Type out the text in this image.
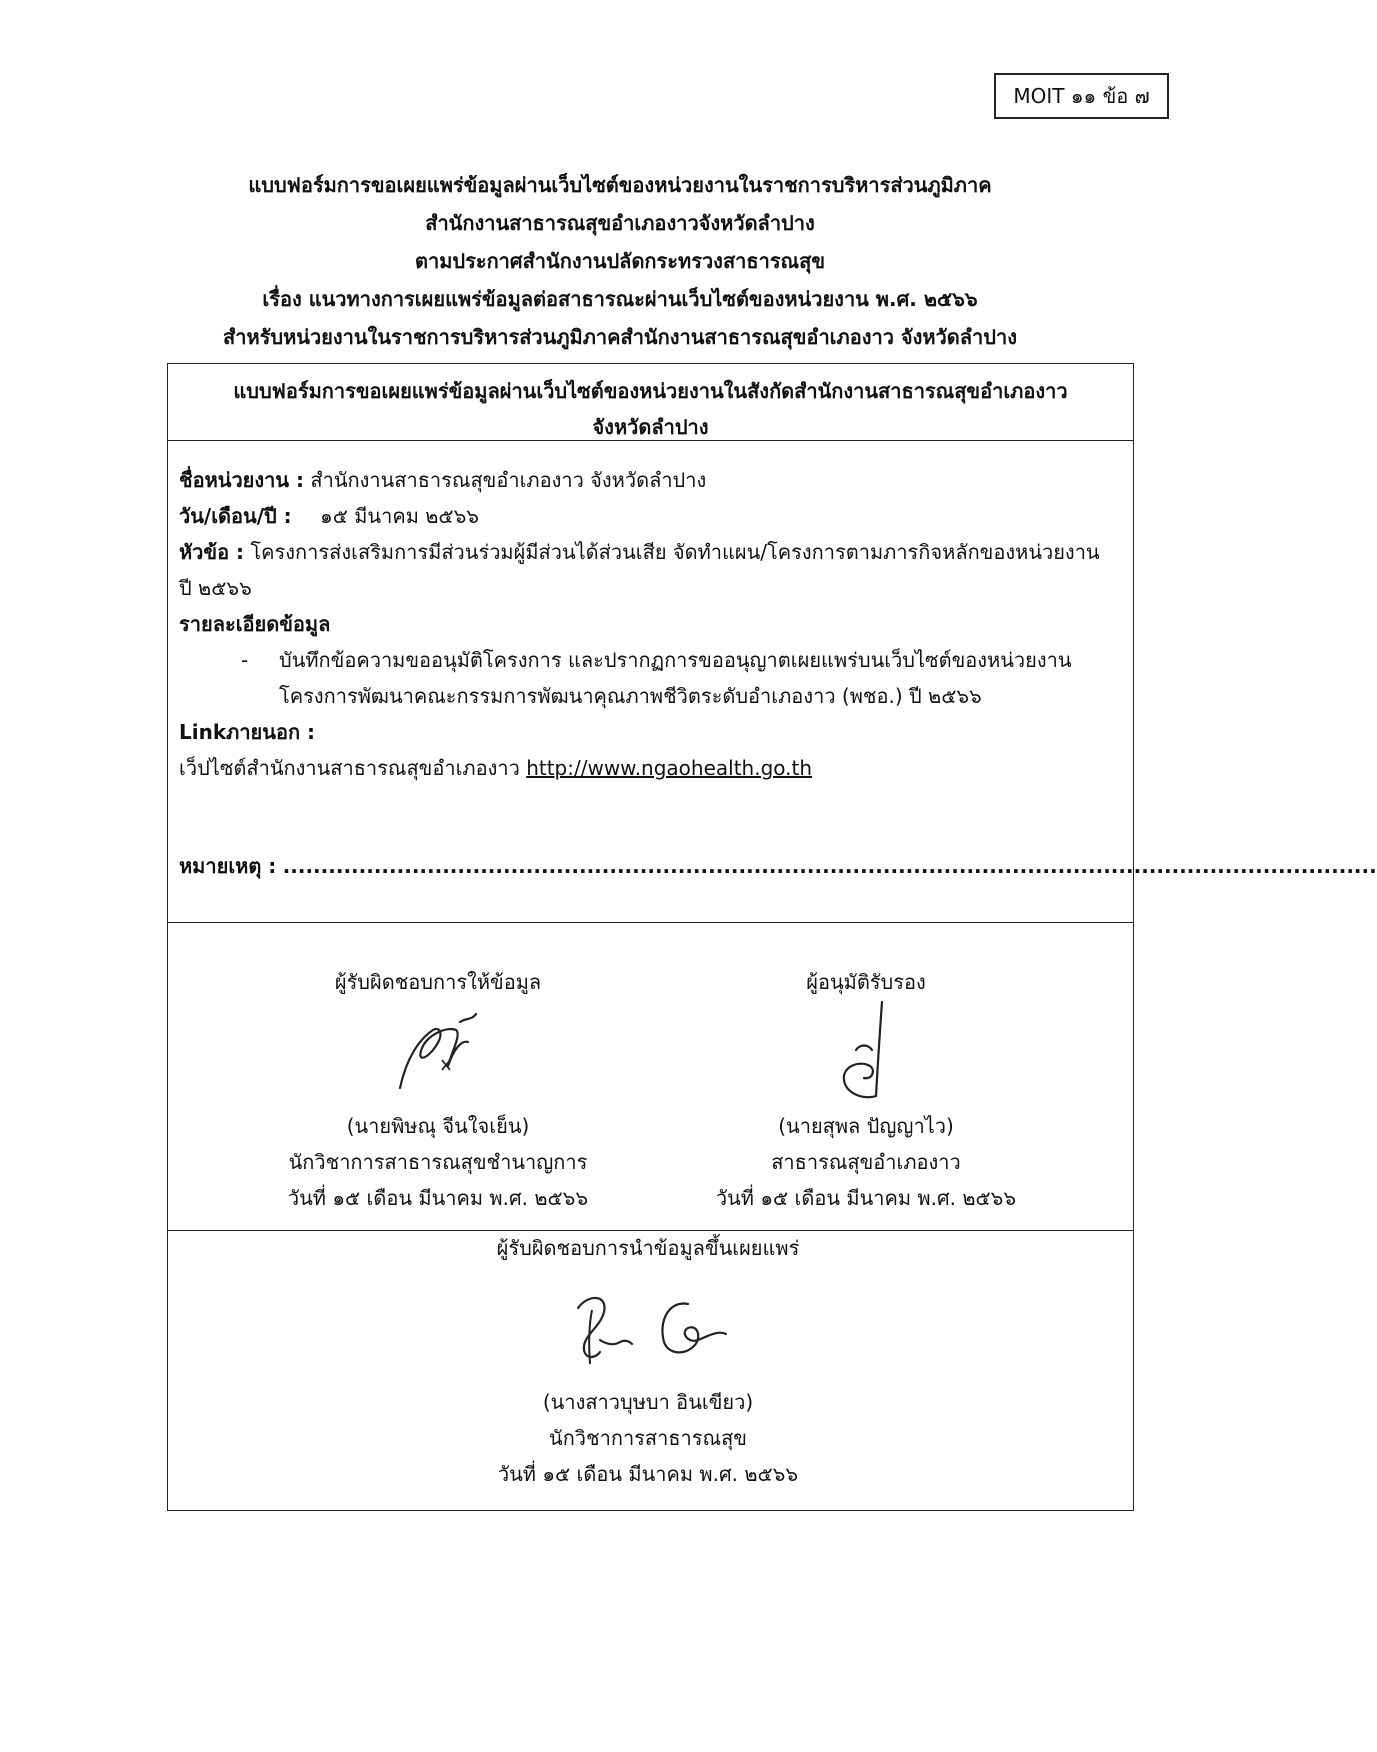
MOIT ๑๑ ข้อ ๗
แบบฟอร์มการขอเผยแพร่ข้อมูลผ่านเว็บไซต์ของหน่วยงานในราชการบริหารส่วนภูมิภาค
สำนักงานสาธารณสุขอำเภองาวจังหวัดลำปาง
ตามประกาศสำนักงานปลัดกระทรวงสาธารณสุข
เรื่อง แนวทางการเผยแพร่ข้อมูลต่อสาธารณะผ่านเว็บไซต์ของหน่วยงาน พ.ศ. ๒๕๖๖
สำหรับหน่วยงานในราชการบริหารส่วนภูมิภาคสำนักงานสาธารณสุขอำเภองาว จังหวัดลำปาง
แบบฟอร์มการขอเผยแพร่ข้อมูลผ่านเว็บไซต์ของหน่วยงานในสังกัดสำนักงานสาธารณสุขอำเภองาว
จังหวัดลำปาง
ชื่อหน่วยงาน : สำนักงานสาธารณสุขอำเภองาว จังหวัดลำปาง
วัน/เดือน/ปี : ๑๕ มีนาคม ๒๕๖๖
หัวข้อ : โครงการส่งเสริมการมีส่วนร่วมผู้มีส่วนได้ส่วนเสีย จัดทำแผน/โครงการตามภารกิจหลักของหน่วยงาน
ปี ๒๕๖๖
รายละเอียดข้อมูล
- บันทึกข้อความขออนุมัติโครงการ และปรากฏการขออนุญาตเผยแพร่บนเว็บไซต์ของหน่วยงาน
โครงการพัฒนาคณะกรรมการพัฒนาคุณภาพชีวิตระดับอำเภองาว (พชอ.) ปี ๒๕๖๖
Linkภายนอก :
เว็ปไซต์สำนักงานสาธารณสุขอำเภองาว http://www.ngaohealth.go.th
หมายเหตุ : ................................................................................................................................................
ผู้รับผิดชอบการให้ข้อมูล
(นายพิษณุ จีนใจเย็น)
นักวิชาการสาธารณสุขชำนาญการ
วันที่ ๑๕ เดือน มีนาคม พ.ศ. ๒๕๖๖
ผู้อนุมัติรับรอง
(นายสุพล ปัญญาไว)
สาธารณสุขอำเภองาว
วันที่ ๑๕ เดือน มีนาคม พ.ศ. ๒๕๖๖
ผู้รับผิดชอบการนำข้อมูลขึ้นเผยแพร่
(นางสาวบุษบา อินเขียว)
นักวิชาการสาธารณสุข
วันที่ ๑๕ เดือน มีนาคม พ.ศ. ๒๕๖๖
